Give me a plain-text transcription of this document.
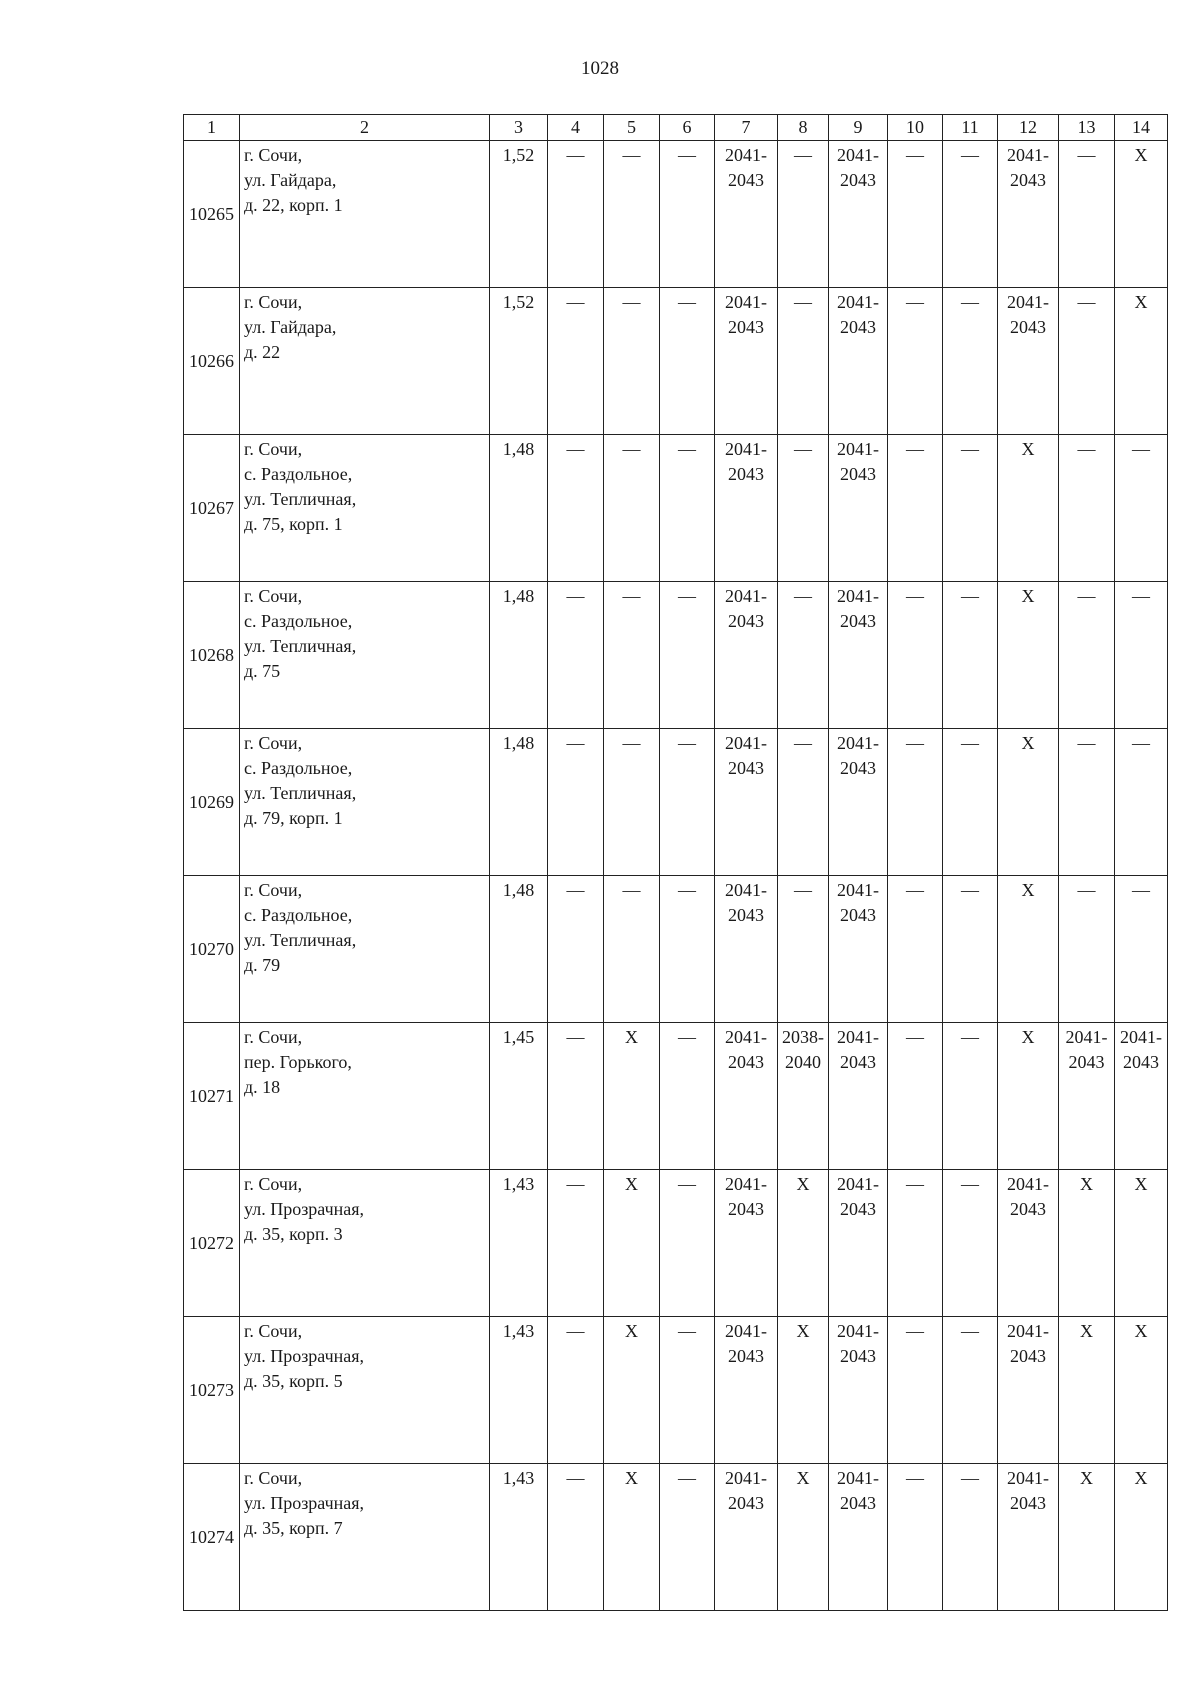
1028
1	2	3	4	5	6	7	8	9	10	11	12	13	14
10265	г. Сочи,
ул. Гайдара,
д. 22, корп. 1	1,52	—	—	—	2041-
2043	—	2041-
2043	—	—	2041-
2043	—	X

10266	г. Сочи,
ул. Гайдара,
д. 22	1,52	—	—	—	2041-
2043	—	2041-
2043	—	—	2041-
2043	—	X

10267	г. Сочи,
с. Раздольное,
ул. Тепличная,
д. 75, корп. 1	1,48	—	—	—	2041-
2043	—	2041-
2043	—	—	X	—	—

10268	г. Сочи,
с. Раздольное,
ул. Тепличная,
д. 75	1,48	—	—	—	2041-
2043	—	2041-
2043	—	—	X	—	—

10269	г. Сочи,
с. Раздольное,
ул. Тепличная,
д. 79, корп. 1	1,48	—	—	—	2041-
2043	—	2041-
2043	—	—	X	—	—

10270	г. Сочи,
с. Раздольное,
ул. Тепличная,
д. 79	1,48	—	—	—	2041-
2043	—	2041-
2043	—	—	X	—	—

10271	г. Сочи,
пер. Горького,
д. 18	1,45	—	X	—	2041-
2043	2038-
2040	2041-
2043	—	—	X	2041-
2043	2041-
2043

10272	г. Сочи,
ул. Прозрачная,
д. 35, корп. 3	1,43	—	X	—	2041-
2043	X	2041-
2043	—	—	2041-
2043	X	X

10273	г. Сочи,
ул. Прозрачная,
д. 35, корп. 5	1,43	—	X	—	2041-
2043	X	2041-
2043	—	—	2041-
2043	X	X

10274	г. Сочи,
ул. Прозрачная,
д. 35, корп. 7	1,43	—	X	—	2041-
2043	X	2041-
2043	—	—	2041-
2043	X	X
